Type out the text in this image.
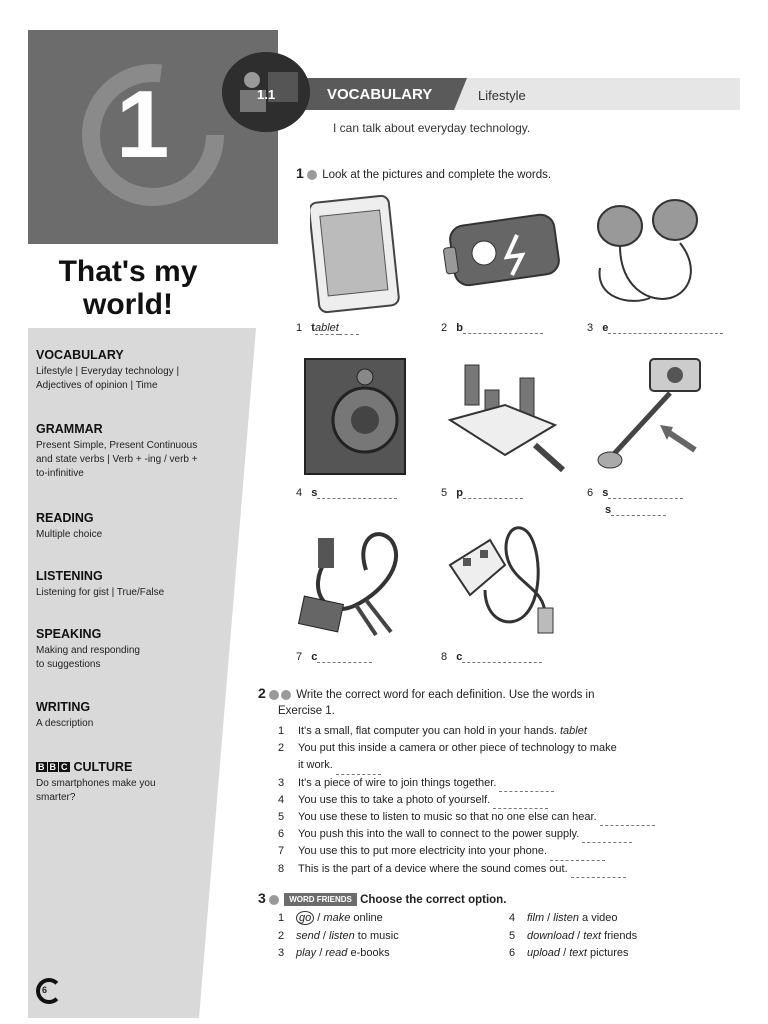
1
That's my
world!
VOCABULARY

Lifestyle | Everyday technology |

Adjectives of opinion | Time

GRAMMAR

Present Simple, Present Continuous

and state verbs | Verb + -ing / verb +

to-infinitive

READING

Multiple choice

LISTENING

Listening for gist | True/False

SPEAKING

Making and responding

to suggestions

WRITING

A description

B B C CULTURE

Do smartphones make you

smarter?

6
1.1	VOCABULARY	Lifestyle
I can talk about everyday technology.
1 Look at the pictures and complete the words.
1 tablet	2 b	3 e
4 s	5 p	6 s
s
7 c	8 c
2	Write the correct word for each definition. Use the words in
Exercise 1.
1 It's a small, flat computer you can hold in your hands. tablet
2 You put this inside a camera or other piece of technology to make
it work.
3 It's a piece of wire to join things together.
4 You use this to take a photo of yourself.
5 You use these to listen to music so that no one else can hear.
6 You push this into the wall to connect to the power supply.
7 You use this to put more electricity into your phone.
8 This is the part of a device where the sound comes out.
3	WORD FRIENDS Choose the correct option.
1 go / make online
2 send / listen to music
3 play / read e-books
4 film / listen a video
5 download / text friends
6 upload / text pictures
